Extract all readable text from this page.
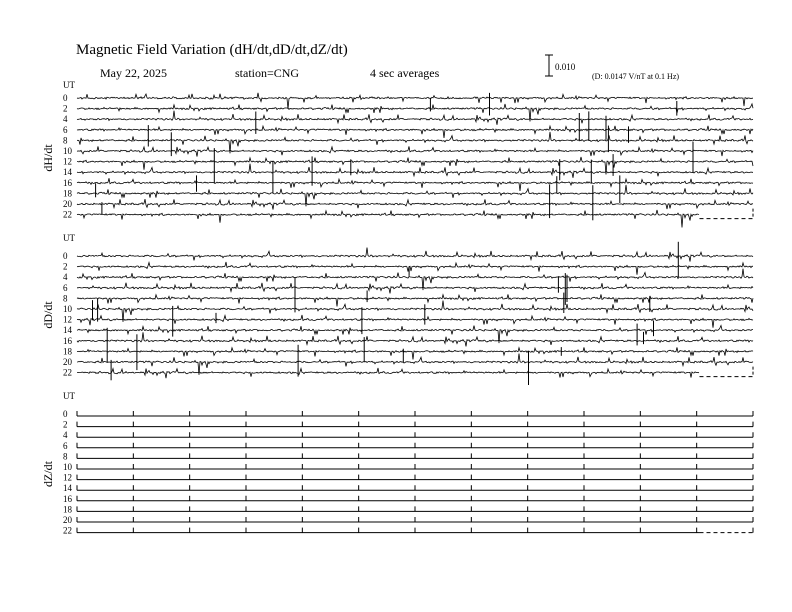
Magnetic Field Variation (dH/dt,dD/dt,dZ/dt)
May 22, 2025	station=CNG	4 sec averages	0.010
(D: 0.0147 V/nT at 0.1 Hz)
UT
dH/dt
0
2
4
6
8
10
12
14
16
18
20
22
UT
dD/dt
0
2
4
6
8
10
12
14
16
18
20
22
UT
dZ/dt
0
2
4
6
8
10
12
14
16
18
20
22
